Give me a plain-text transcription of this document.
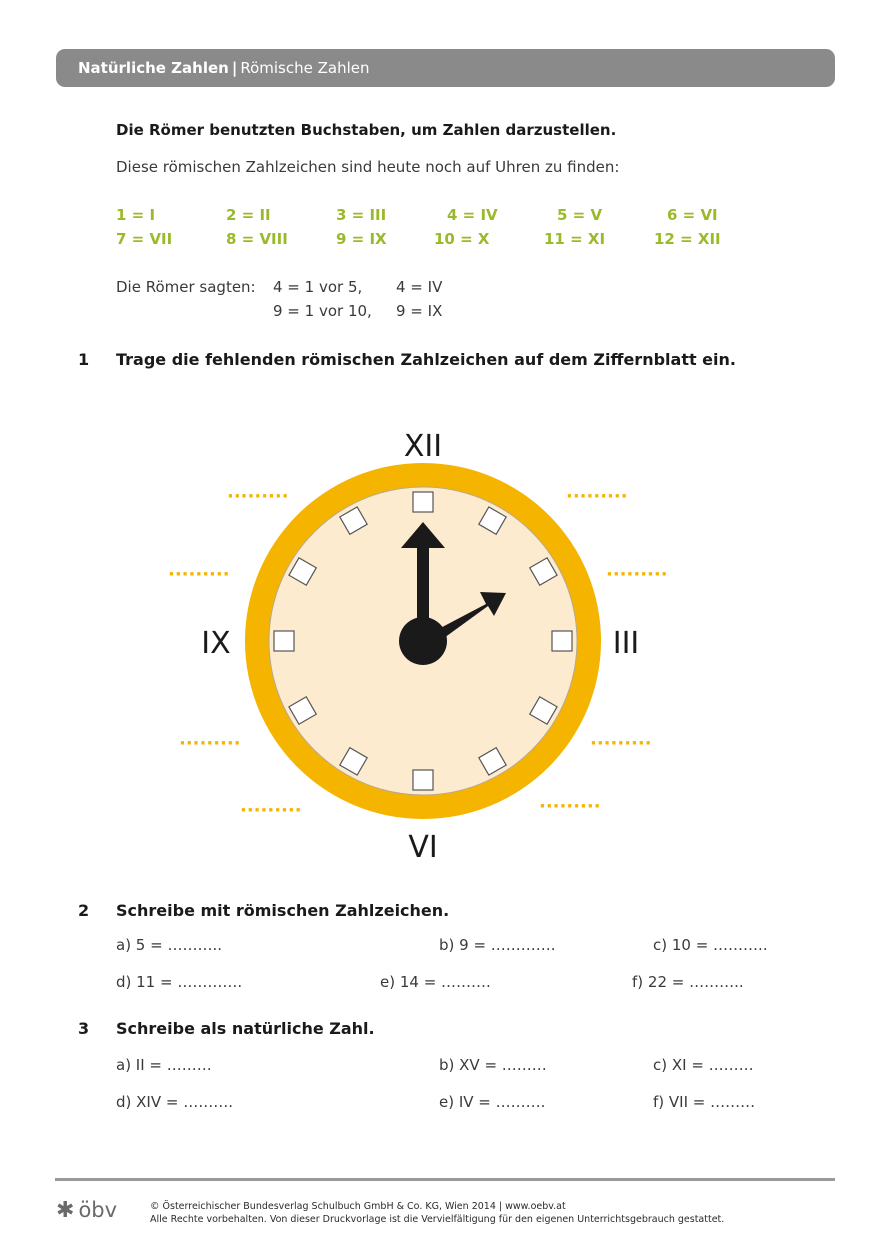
Natürliche Zahlen | Römische Zahlen
Die Römer benutzten Buchstaben, um Zahlen darzustellen.
Diese römischen Zahlzeichen sind heute noch auf Uhren zu finden:
1 = I	2 = II	3 = III	4 = IV	5 = V	6 = VI
7 = VII	8 = VIII	9 = IX	10 = X	11 = XI	12 = XII
Die Römer sagten: 4 = 1 vor 5, 4 = IV
9 = 1 vor 10, 9 = IX
1 Trage die fehlenden römischen Zahlzeichen auf dem Ziffernblatt ein.
XII
III
VI
IX
·········	·········
·········	·········
·········	·········
·········	·········
2 Schreibe mit römischen Zahlzeichen.
a) 5 = ………..	b) 9 = ………….	c) 10 = ………..
d) 11 = ………….	e) 14 = ……….	f) 22 = ………..
3 Schreibe als natürliche Zahl.
a) II = ………	b) XV = ………	c) XI = ………
d) XIV = ……….	e) IV = ……….	f) VII = ………
✱ öbv	© Österreichischer Bundesverlag Schulbuch GmbH & Co. KG, Wien 2014 | www.oebv.at
Alle Rechte vorbehalten. Von dieser Druckvorlage ist die Vervielfältigung für den eigenen Unterrichtsgebrauch gestattet.
